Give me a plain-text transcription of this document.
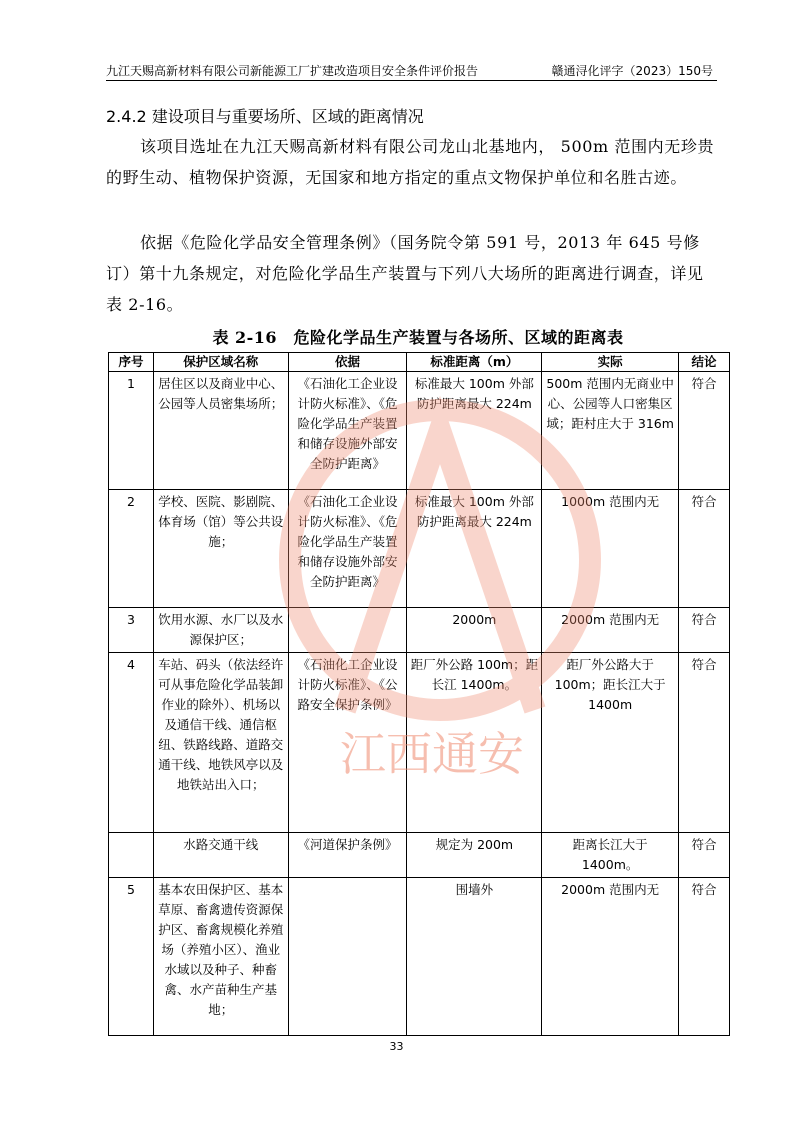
九江天赐高新材料有限公司新能源工厂扩建改造项目安全条件评价报告	赣通浔化评字（2023）150号
2.4.2 建设项目与重要场所、区域的距离情况
该项目选址在九江天赐高新材料有限公司龙山北基地内， 500m 范围内无珍贵的野生动、植物保护资源，无国家和地方指定的重点文物保护单位和名胜古迹。
依据《危险化学品安全管理条例》（国务院令第 591 号，2013 年 645 号修订）第十九条规定，对危险化学品生产装置与下列八大场所的距离进行调查，详见表 2-16。
表 2-16　危险化学品生产装置与各场所、区域的距离表
序号	保护区域名称	依据	标准距离（m）	实际	结论
1	居住区以及商业中心、公园等人员密集场所；	《石油化工企业设计防火标准》、《危险化学品生产装置和储存设施外部安全防护距离》	标准最大 100m 外部防护距离最大 224m	500m 范围内无商业中心、公园等人口密集区域；距村庄大于 316m	符合
2	学校、医院、影剧院、体育场（馆）等公共设施；	《石油化工企业设计防火标准》、《危险化学品生产装置和储存设施外部安全防护距离》	标准最大 100m 外部防护距离最大 224m	1000m 范围内无	符合
3	饮用水源、水厂以及水源保护区；		2000m	2000m 范围内无	符合
4	车站、码头（依法经许可从事危险化学品装卸作业的除外）、机场以及通信干线、通信枢纽、铁路线路、道路交通干线、地铁风亭以及地铁站出入口；	《石油化工企业设计防火标准》、《公路安全保护条例》	距厂外公路 100m；距长江 1400m。	距厂外公路大于 100m；距长江大于 1400m	符合
	水路交通干线	《河道保护条例》	规定为 200m	距离长江大于 1400m。	符合
5	基本农田保护区、基本草原、畜禽遗传资源保护区、畜禽规模化养殖场（养殖小区）、渔业水域以及种子、种畜禽、水产苗种生产基地；		围墙外	2000m 范围内无	符合
江西通安
33
